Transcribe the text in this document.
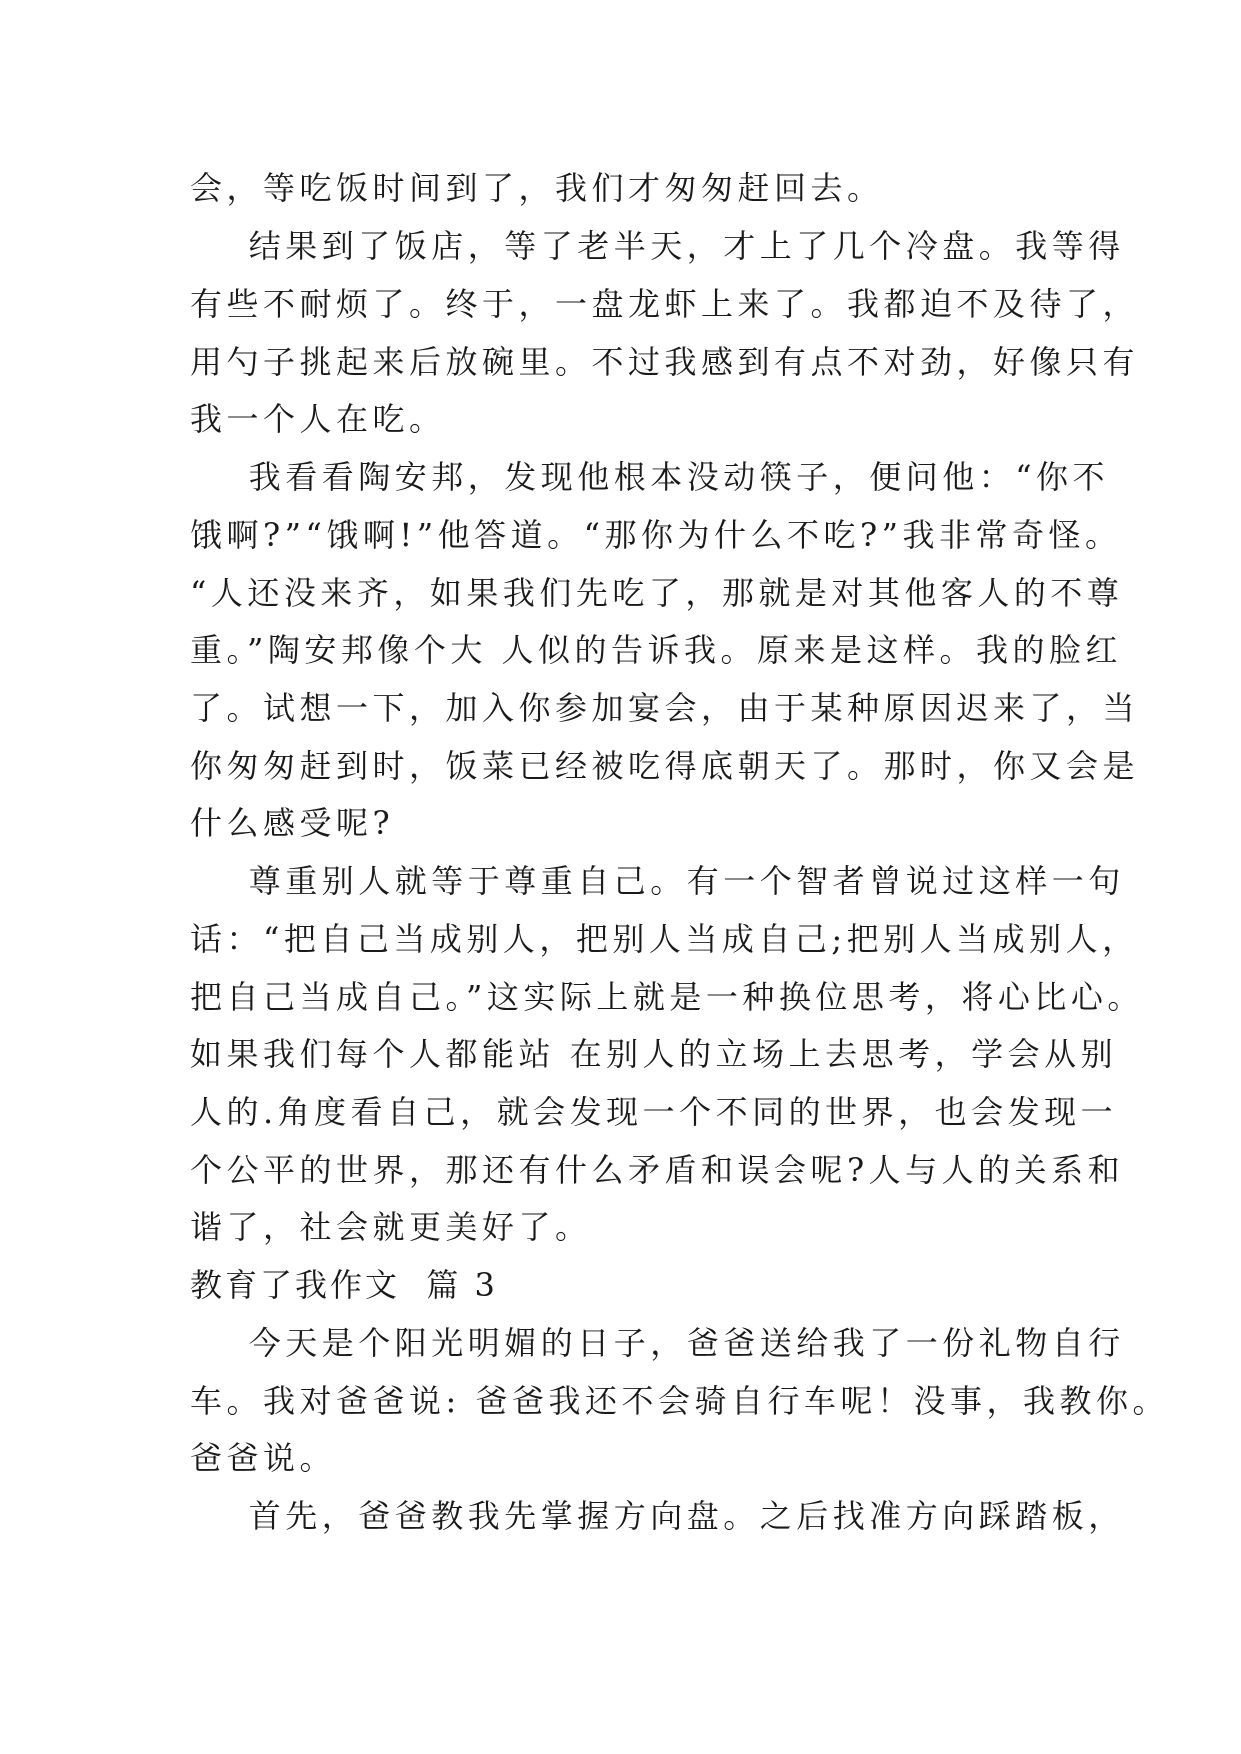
会，等吃饭时间到了，我们才匆匆赶回去。
结果到了饭店，等了老半天，才上了几个冷盘。我等得
有些不耐烦了。终于，一盘龙虾上来了。我都迫不及待了，
用勺子挑起来后放碗里。不过我感到有点不对劲，好像只有
我一个人在吃。
我看看陶安邦，发现他根本没动筷子，便问他：“你不
饿啊?”“饿啊!”他答道。“那你为什么不吃?”我非常奇怪。
“人还没来齐，如果我们先吃了，那就是对其他客人的不尊
重。”陶安邦像个大 人似的告诉我。原来是这样。我的脸红
了。试想一下，加入你参加宴会，由于某种原因迟来了，当
你匆匆赶到时，饭菜已经被吃得底朝天了。那时，你又会是
什么感受呢?
尊重别人就等于尊重自己。有一个智者曾说过这样一句
话：“把自己当成别人，把别人当成自己;把别人当成别人，
把自己当成自己。”这实际上就是一种换位思考，将心比心。
如果我们每个人都能站 在别人的立场上去思考，学会从别
人的.角度看自己，就会发现一个不同的世界，也会发现一
个公平的世界，那还有什么矛盾和误会呢?人与人的关系和
谐了，社会就更美好了。
教育了我作文  篇 3
今天是个阳光明媚的日子，爸爸送给我了一份礼物自行
车。我对爸爸说: 爸爸我还不会骑自行车呢！没事，我教你。
爸爸说。
首先，爸爸教我先掌握方向盘。之后找准方向踩踏板，
